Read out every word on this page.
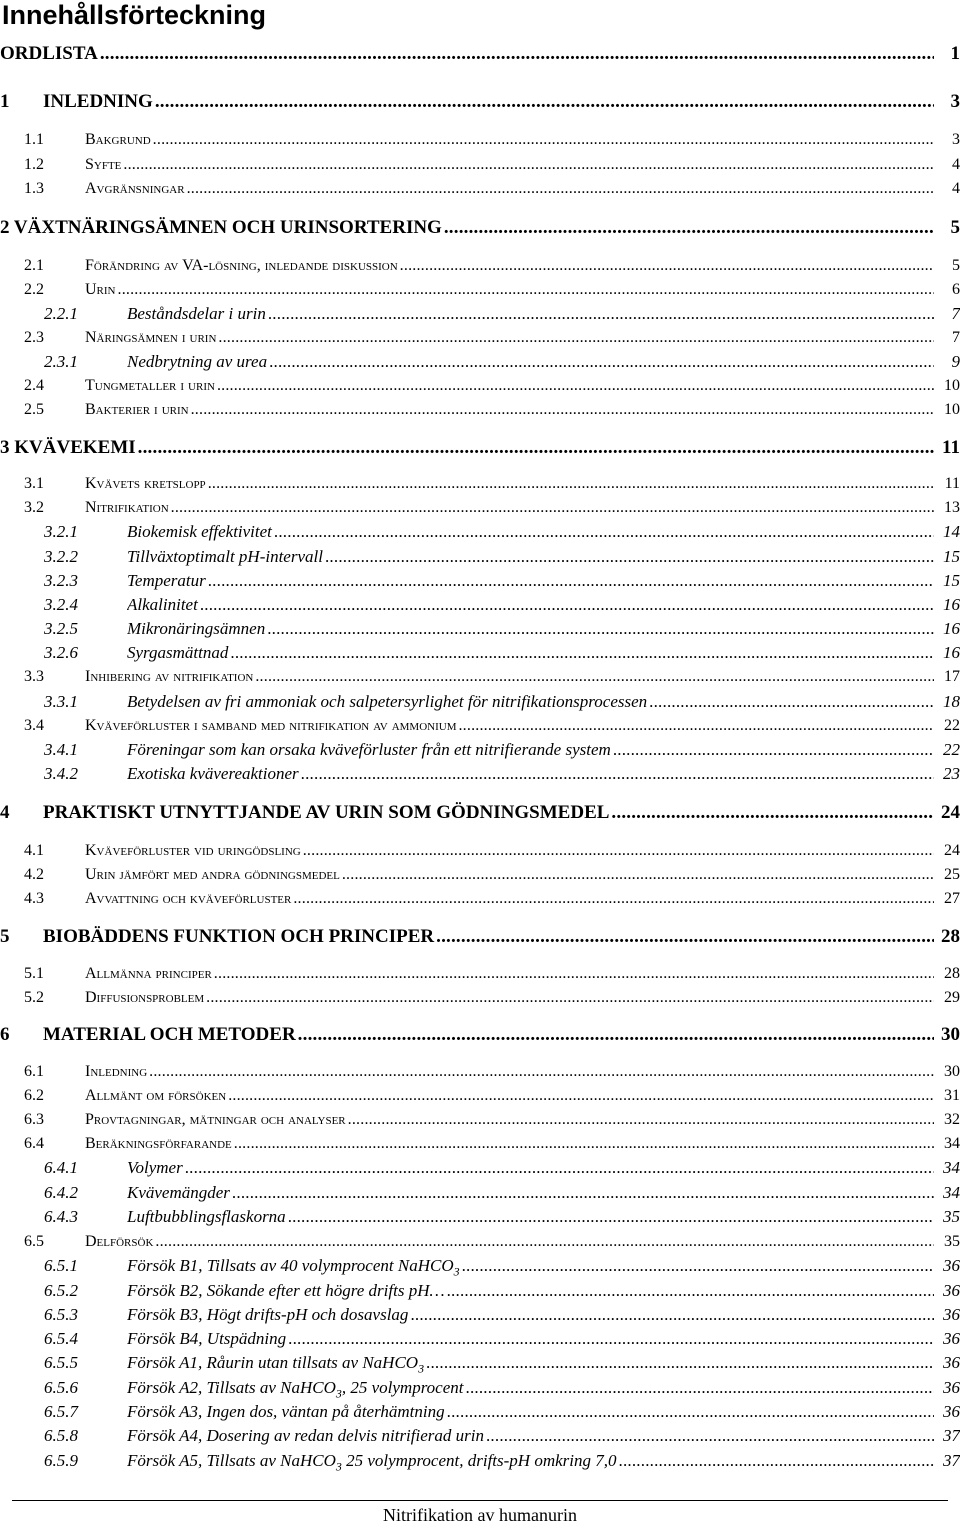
Innehållsförteckning
ORDLISTA .....	1
1 INLEDNING .....	3
1.1	Bakgrund .....	3
1.2	Syfte .....	4
1.3	Avgränsningar .....	4
2 VÄXTNÄRINGSÄMNEN OCH URINSORTERING .....	5
2.1	Förändring av VA-lösning, inledande diskussion .....	5
2.2	Urin .....	6
2.2.1	Beståndsdelar i urin .....	7
2.3	Näringsämnen i urin .....	7
2.3.1	Nedbrytning av urea .....	9
2.4	Tungmetaller i urin .....	10
2.5	Bakterier i urin .....	10
3 KVÄVEKEMI .....	11
3.1	Kvävets kretslopp .....	11
3.2	Nitrifikation .....	13
3.2.1	Biokemisk effektivitet .....	14
3.2.2	Tillväxtoptimalt pH-intervall .....	15
3.2.3	Temperatur .....	15
3.2.4	Alkalinitet .....	16
3.2.5	Mikronäringsämnen .....	16
3.2.6	Syrgasmättnad .....	16
3.3	Inhibering av nitrifikation .....	17
3.3.1	Betydelsen av fri ammoniak och salpetersyrlighet för nitrifikationsprocessen .....	18
3.4	Kväveförluster i samband med nitrifikation av ammonium .....	22
3.4.1	Föreningar som kan orsaka kväveförluster från ett nitrifierande system .....	22
3.4.2	Exotiska kvävereaktioner .....	23
4 PRAKTISKT UTNYTTJANDE AV URIN SOM GÖDNINGSMEDEL .....	24
4.1	Kväveförluster vid uringödsling .....	24
4.2	Urin jämfört med andra gödningsmedel .....	25
4.3	Avvattning och kväveförluster .....	27
5 BIOBÄDDENS FUNKTION OCH PRINCIPER .....	28
5.1	Allmänna principer .....	28
5.2	Diffusionsproblem .....	29
6 MATERIAL OCH METODER .....	30
6.1	Inledning .....	30
6.2	Allmänt om försöken .....	31
6.3	Provtagningar, mätningar och analyser .....	32
6.4	Beräkningsförfarande .....	34
6.4.1	Volymer .....	34
6.4.2	Kvävemängder .....	34
6.4.3	Luftbubblingsflaskorna .....	35
6.5	Delförsök .....	35
6.5.1	Försök B1, Tillsats av 40 volymprocent NaHCO$_3$ .....	36
6.5.2	Försök B2, Sökande efter ett högre drifts pH… .....	36
6.5.3	Försök B3, Högt drifts-pH och dosavslag .....	36
6.5.4	Försök B4, Utspädning .....	36
6.5.5	Försök A1, Råurin utan tillsats av NaHCO$_3$ .....	36
6.5.6	Försök A2, Tillsats av NaHCO$_3$, 25 volymprocent .....	36
6.5.7	Försök A3, Ingen dos, väntan på återhämtning .....	36
6.5.8	Försök A4, Dosering av redan delvis nitrifierad urin .....	37
6.5.9	Försök A5, Tillsats av NaHCO$_3$ 25 volymprocent, drifts-pH omkring 7,0 .....	37
Nitrifikation av humanurin
